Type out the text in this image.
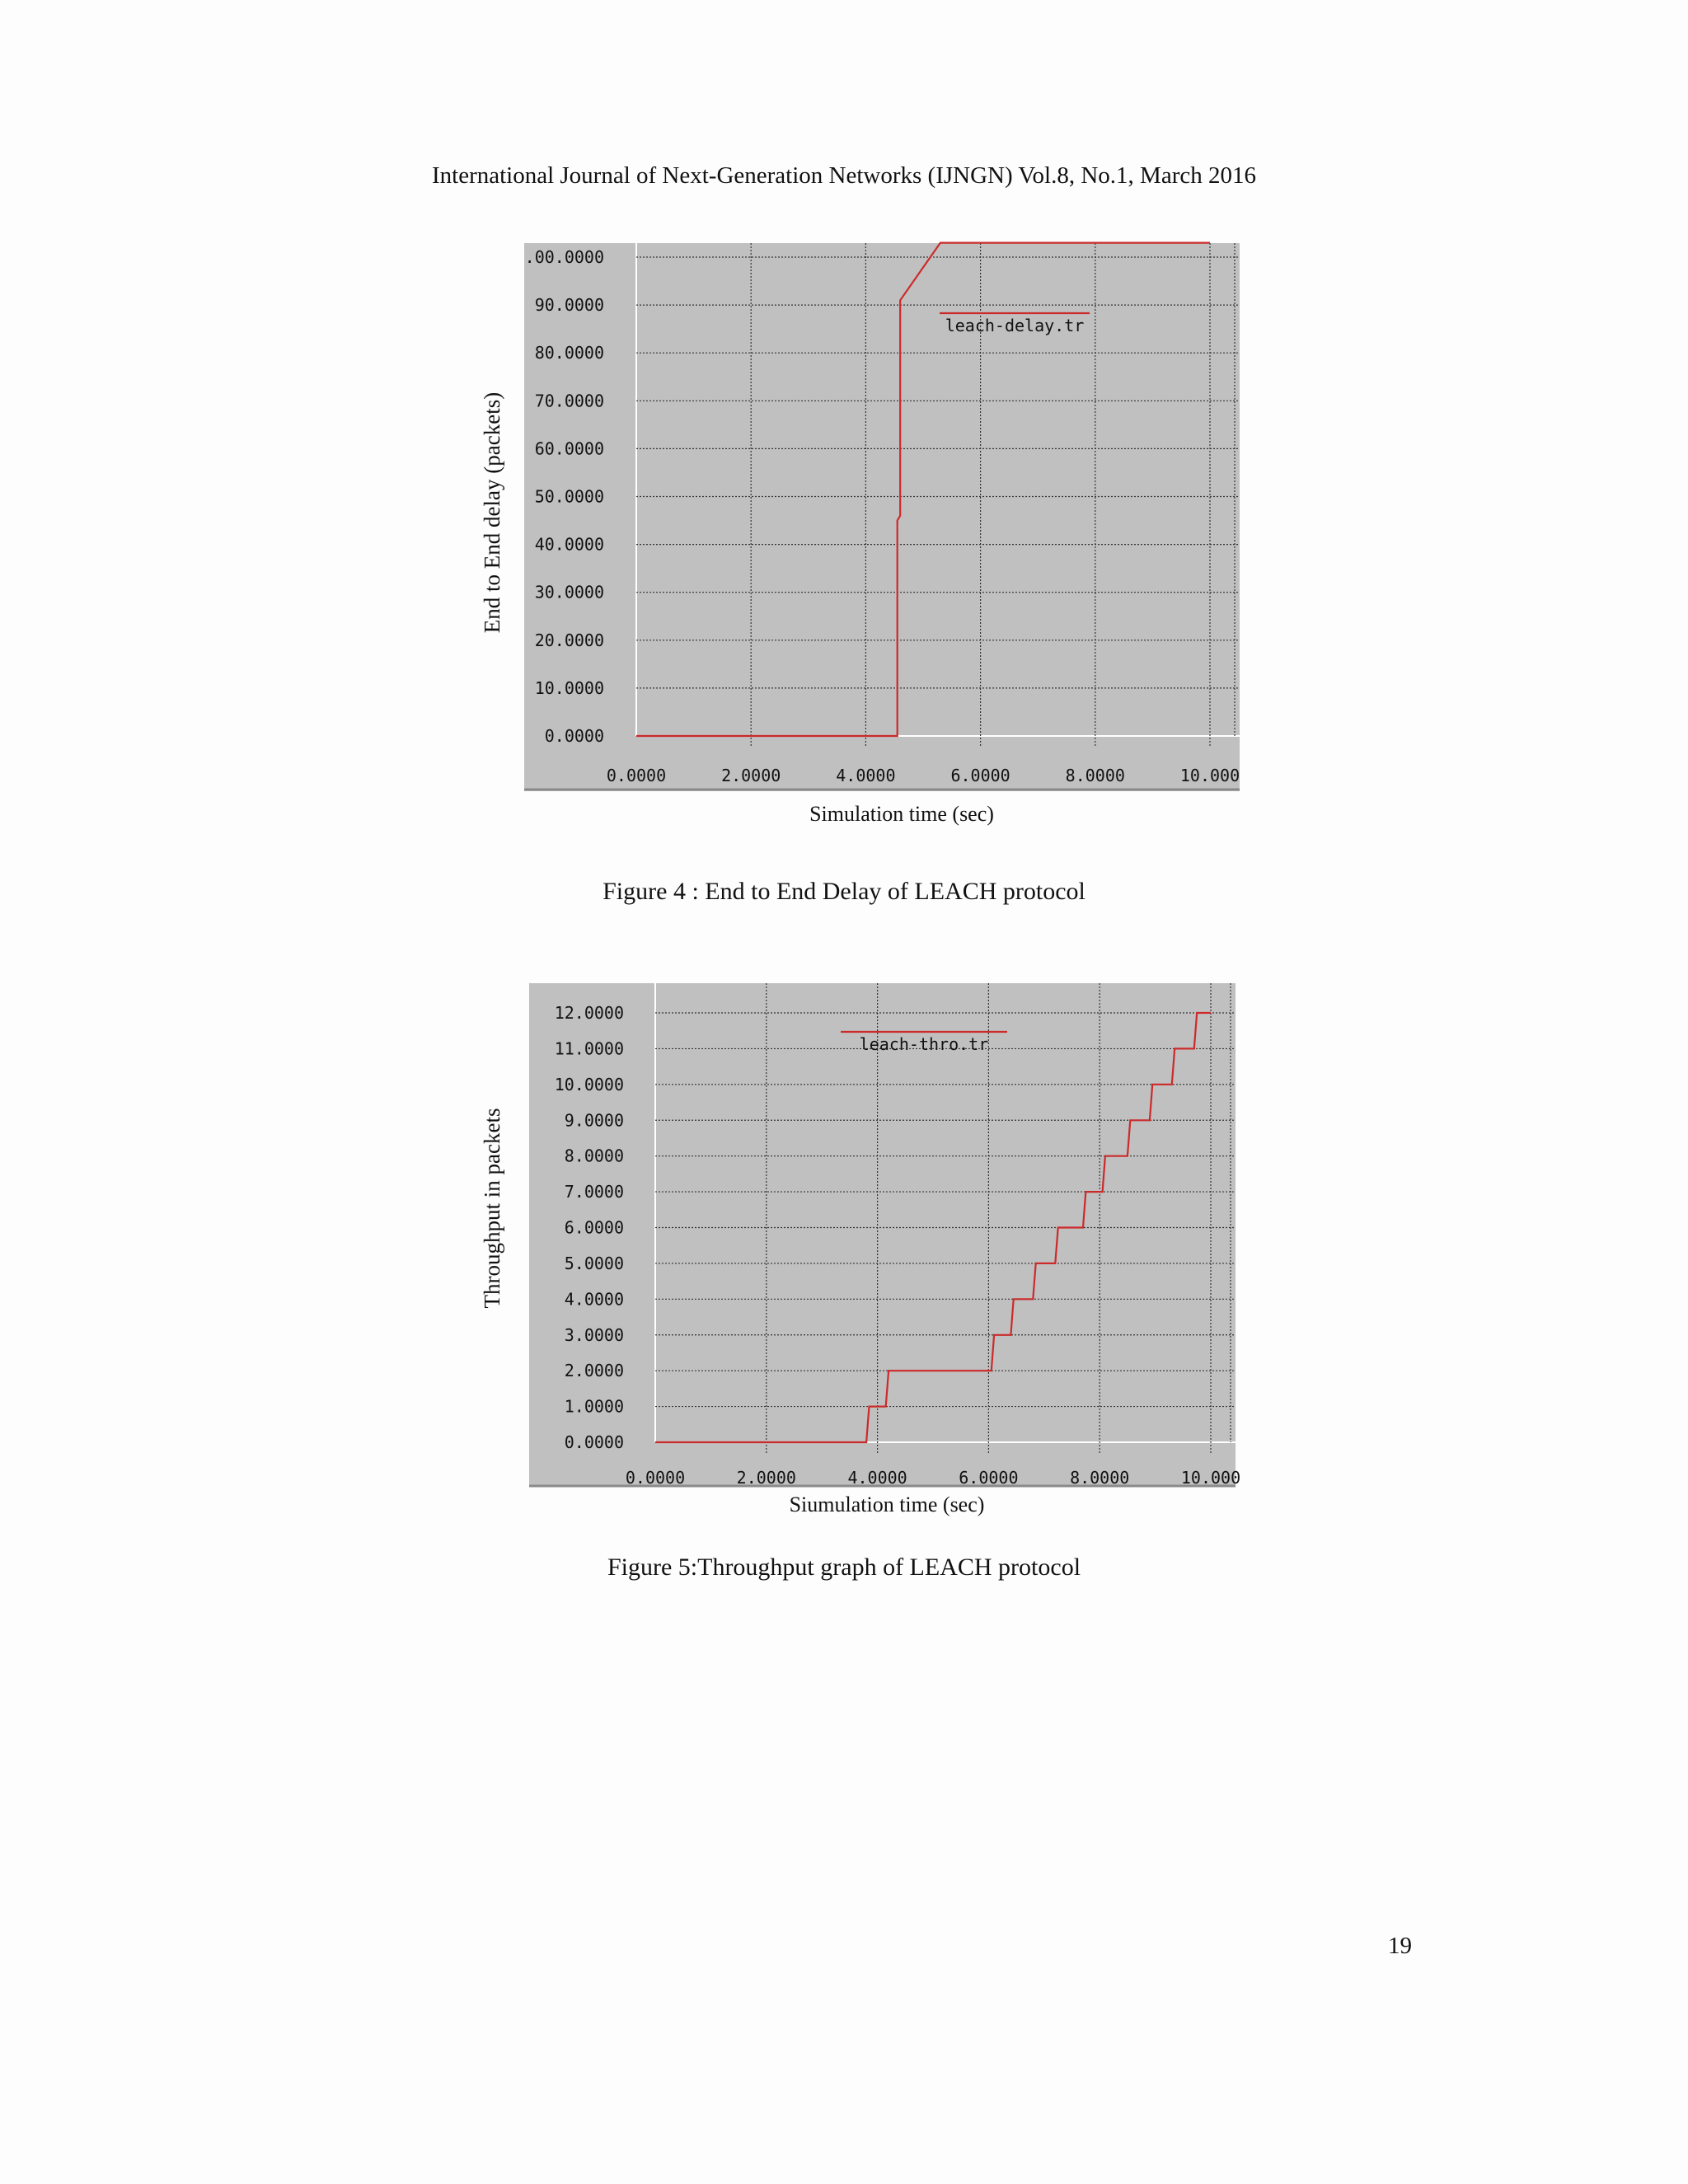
International Journal of Next-Generation Networks (IJNGN) Vol.8, No.1, March 2016
0.0000
10.0000
20.0000
30.0000
40.0000
50.0000
60.0000
70.0000
80.0000
90.0000
.00.0000
0.0000	2.0000	4.0000	6.0000	8.0000	10.000
leach-delay.tr
Simulation time (sec)
End to End delay (packets)
0.0000
1.0000
2.0000
3.0000
4.0000
5.0000
6.0000
7.0000
8.0000
9.0000
10.0000
11.0000
12.0000
0.0000	2.0000	4.0000	6.0000	8.0000	10.000
leach-thro.tr
Siumulation time (sec)
Throughput in packets
Figure 4 : End to End Delay of LEACH protocol
Figure 5:Throughput graph of LEACH protocol
19
